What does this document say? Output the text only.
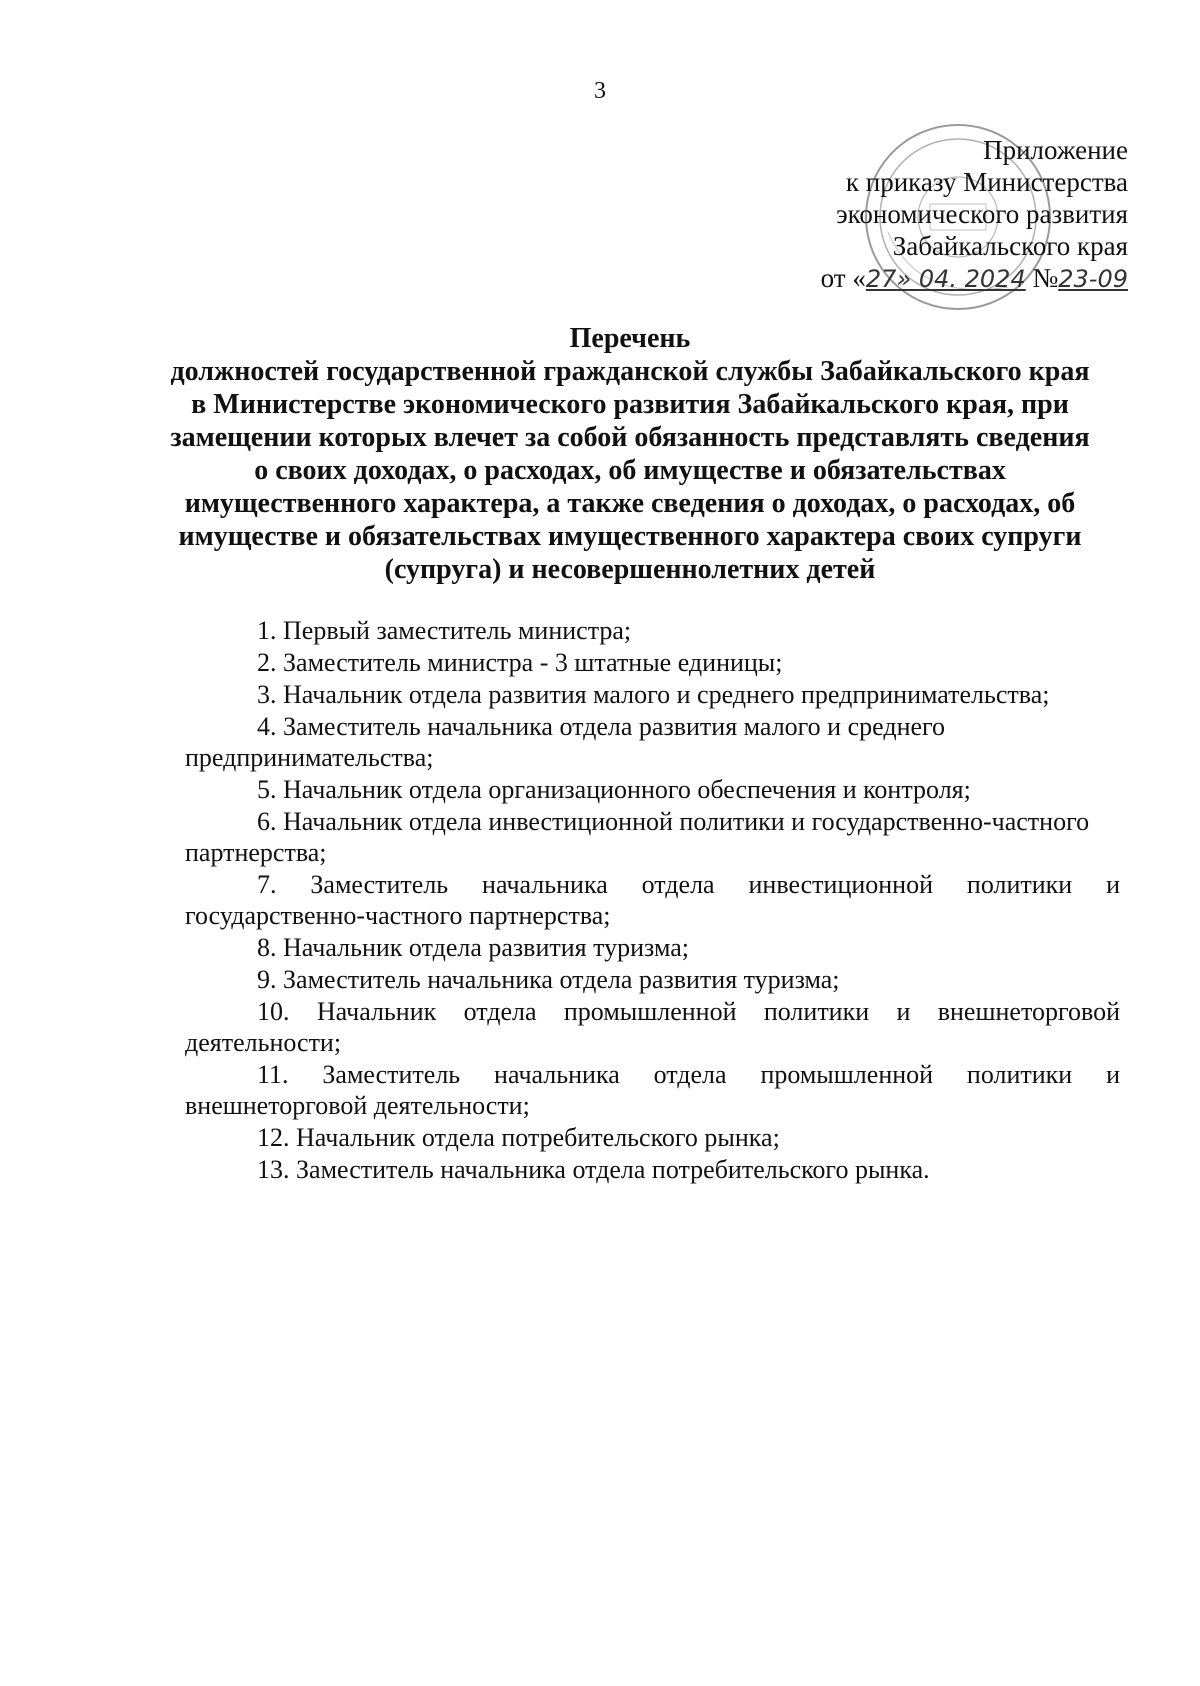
3
Приложение
к приказу Министерства
экономического развития
Забайкальского края
от «27» 04. 2024 №23-09
Перечень
должностей государственной гражданской службы Забайкальского края
в Министерстве экономического развития Забайкальского края, при
замещении которых влечет за собой обязанность представлять сведения
о своих доходах, о расходах, об имуществе и обязательствах
имущественного характера, а также сведения о доходах, о расходах, об
имуществе и обязательствах имущественного характера своих супруги
(супруга) и несовершеннолетних детей

1. Первый заместитель министра;

2. Заместитель министра - 3 штатные единицы;

3. Начальник отдела развития малого и среднего предпринимательства;

4. Заместитель начальника отдела развития малого и среднего предпринимательства;

5. Начальник отдела организационного обеспечения и контроля;

6. Начальник отдела инвестиционной политики и государственно-частного партнерства;

7. Заместитель начальника отдела инвестиционной политики и государственно-частного партнерства;

8. Начальник отдела развития туризма;

9. Заместитель начальника отдела развития туризма;

10. Начальник отдела промышленной политики и внешнеторговой деятельности;

11. Заместитель начальника отдела промышленной политики и внешнеторговой деятельности;

12. Начальник отдела потребительского рынка;

13. Заместитель начальника отдела потребительского рынка.
